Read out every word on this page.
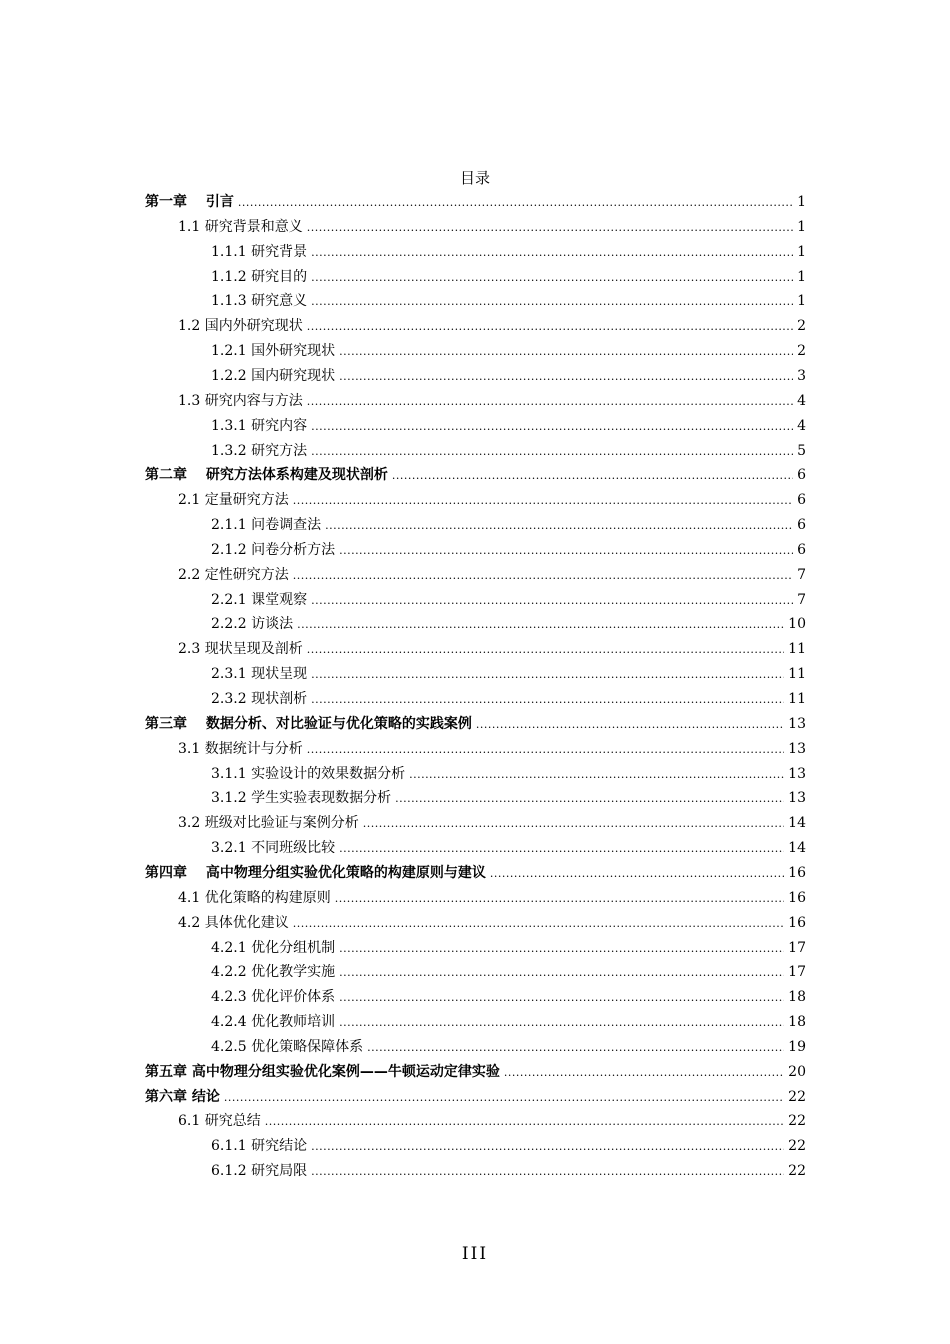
目录
第一章　 引言 .....	1
1.1 研究背景和意义 .....	1
1.1.1 研究背景 .....	1
1.1.2 研究目的 .....	1
1.1.3 研究意义 .....	1
1.2 国内外研究现状 .....	2
1.2.1 国外研究现状 .....	2
1.2.2 国内研究现状 .....	3
1.3 研究内容与方法 .....	4
1.3.1 研究内容 .....	4
1.3.2 研究方法 .....	5
第二章　 研究方法体系构建及现状剖析 .....	6
2.1 定量研究方法 .....	6
2.1.1 问卷调查法 .....	6
2.1.2 问卷分析方法 .....	6
2.2 定性研究方法 .....	7
2.2.1 课堂观察 .....	7
2.2.2 访谈法 .....	10
2.3 现状呈现及剖析 .....	11
2.3.1 现状呈现 .....	11
2.3.2 现状剖析 .....	11
第三章　 数据分析、对比验证与优化策略的实践案例 .....	13
3.1 数据统计与分析 .....	13
3.1.1 实验设计的效果数据分析 .....	13
3.1.2 学生实验表现数据分析 .....	13
3.2 班级对比验证与案例分析 .....	14
3.2.1 不同班级比较 .....	14
第四章　 高中物理分组实验优化策略的构建原则与建议 .....	16
4.1 优化策略的构建原则 .....	16
4.2 具体优化建议 .....	16
4.2.1 优化分组机制 .....	17
4.2.2 优化教学实施 .....	17
4.2.3 优化评价体系 .....	18
4.2.4 优化教师培训 .....	18
4.2.5 优化策略保障体系 .....	19
第五章 高中物理分组实验优化案例——牛顿运动定律实验 .....	20
第六章 结论 .....	22
6.1 研究总结 .....	22
6.1.1 研究结论 .....	22
6.1.2 研究局限 .....	22
III
